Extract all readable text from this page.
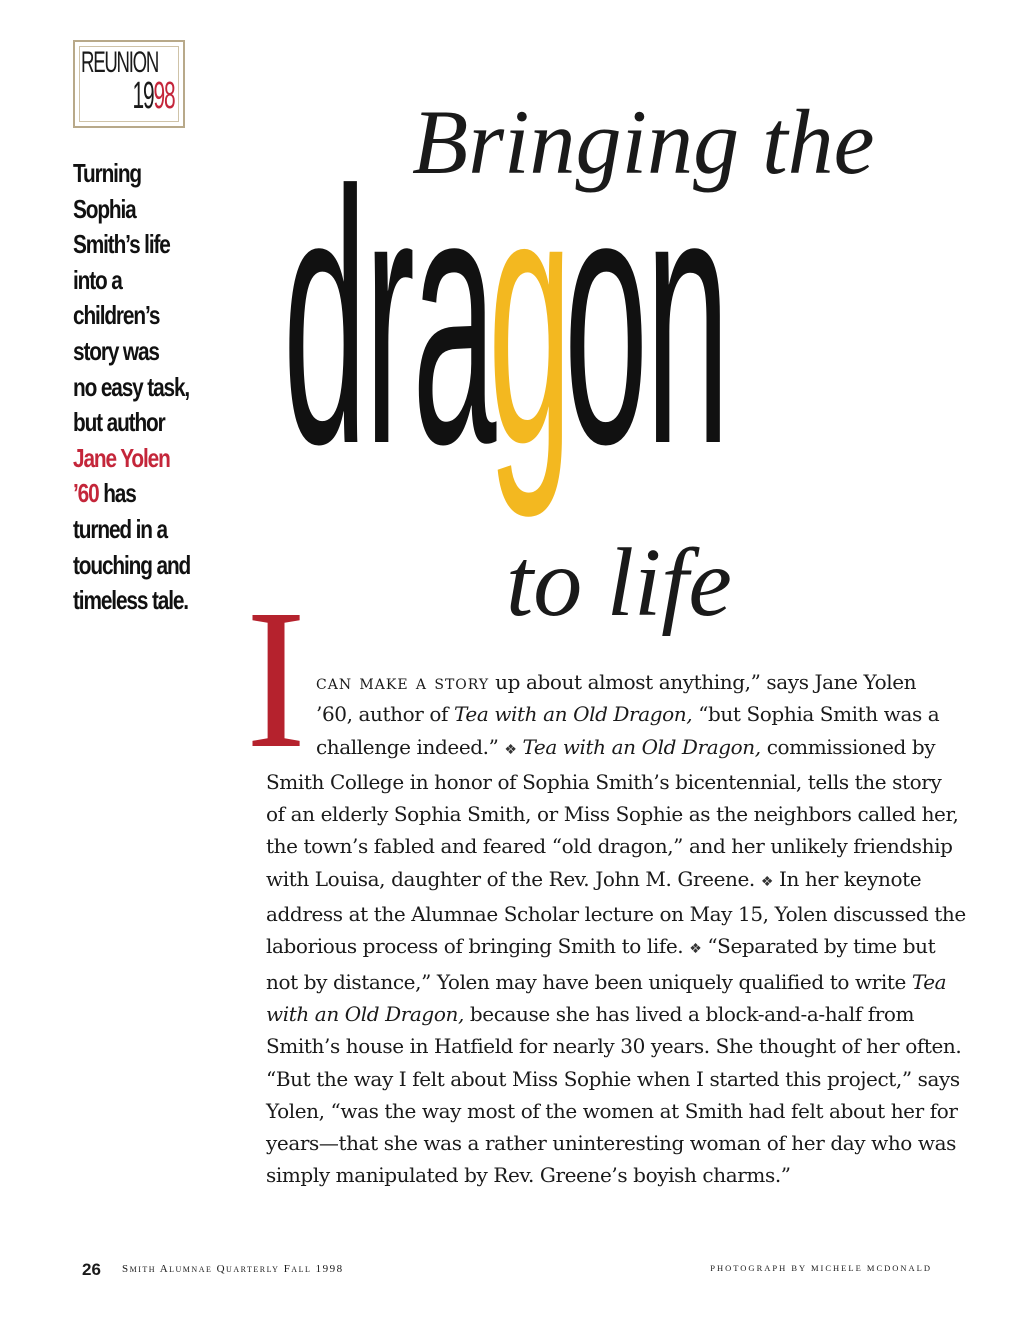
REUNION
1998
Turning
Sophia
Smith’s life
into a
children’s
story was
no easy task,
but author
Jane Yolen
’60 has
turned in a
touching and
timeless tale.
Bringing the
dra
g
on
to life
I can make a story up about almost anything,” says Jane Yolen
’60, author of Tea with an Old Dragon, “but Sophia Smith was a
challenge indeed.” ❖ Tea with an Old Dragon, commissioned by
Smith College in honor of Sophia Smith’s bicentennial, tells the story
of an elderly Sophia Smith, or Miss Sophie as the neighbors called her,
the town’s fabled and feared “old dragon,” and her unlikely friendship
with Louisa, daughter of the Rev. John M. Greene. ❖ In her keynote
address at the Alumnae Scholar lecture on May 15, Yolen discussed the
laborious process of bringing Smith to life. ❖ “Separated by time but
not by distance,” Yolen may have been uniquely qualified to write Tea
with an Old Dragon, because she has lived a block-and-a-half from
Smith’s house in Hatfield for nearly 30 years. She thought of her often.
“But the way I felt about Miss Sophie when I started this project,” says
Yolen, “was the way most of the women at Smith had felt about her for
years—that she was a rather uninteresting woman of her day who was
simply manipulated by Rev. Greene’s boyish charms.”
26 Smith Alumnae Quarterly Fall 1998	PHOTOGRAPH BY MICHELE MCDONALD
